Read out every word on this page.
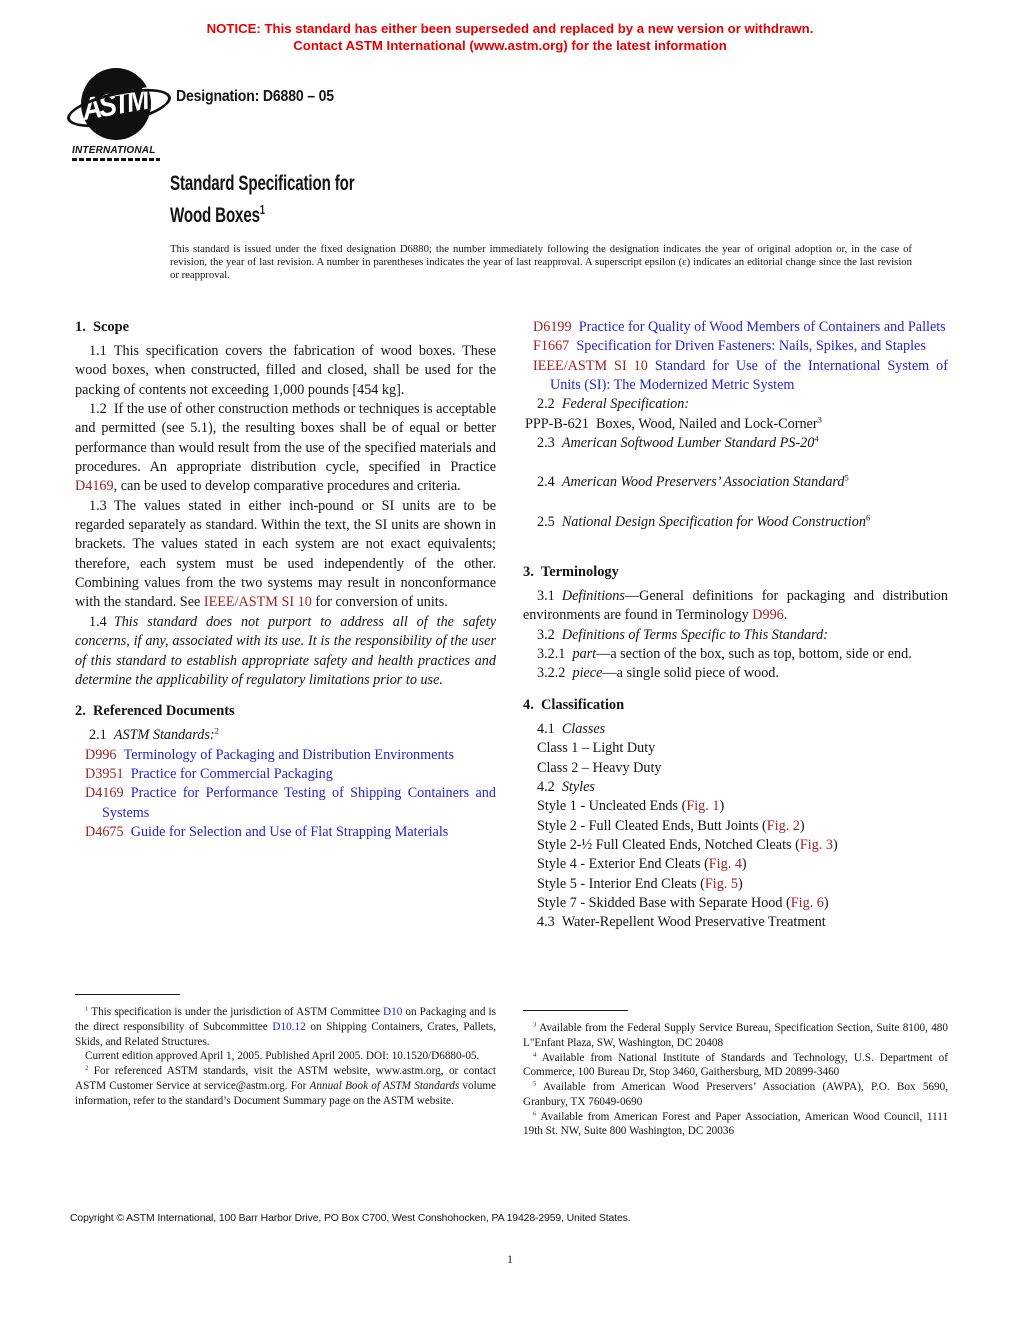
NOTICE: This standard has either been superseded and replaced by a new version or withdrawn.
Contact ASTM International (www.astm.org) for the latest information
ASTM
INTERNATIONAL
Designation: D6880 – 05
Standard Specification for
Wood Boxes$^1$
This standard is issued under the fixed designation D6880; the number immediately following the designation indicates the year of original adoption or, in the case of revision, the year of last revision. A number in parentheses indicates the year of last reapproval. A superscript epsilon (ε) indicates an editorial change since the last revision or reapproval.
1. Scope

1.1 This specification covers the fabrication of wood boxes. These wood boxes, when constructed, filled and closed, shall be used for the packing of contents not exceeding 1,000 pounds [454 kg].

1.2 If the use of other construction methods or techniques is acceptable and permitted (see 5.1), the resulting boxes shall be of equal or better performance than would result from the use of the specified materials and procedures. An appropriate distribution cycle, specified in Practice D4169, can be used to develop comparative procedures and criteria.

1.3 The values stated in either inch-pound or SI units are to be regarded separately as standard. Within the text, the SI units are shown in brackets. The values stated in each system are not exact equivalents; therefore, each system must be used independently of the other. Combining values from the two systems may result in nonconformance with the standard. See IEEE/ASTM SI 10 for conversion of units.

1.4 This standard does not purport to address all of the safety concerns, if any, associated with its use. It is the responsibility of the user of this standard to establish appropriate safety and health practices and determine the applicability of regulatory limitations prior to use.

2. Referenced Documents

2.1 ASTM Standards:$^2$

D996 Terminology of Packaging and Distribution Environments

D3951 Practice for Commercial Packaging

D4169 Practice for Performance Testing of Shipping Containers and Systems

D4675 Guide for Selection and Use of Flat Strapping Materials

D6199 Practice for Quality of Wood Members of Containers and Pallets

F1667 Specification for Driven Fasteners: Nails, Spikes, and Staples

IEEE/ASTM SI 10 Standard for Use of the International System of Units (SI): The Modernized Metric System

2.2 Federal Specification:

PPP-B-621 Boxes, Wood, Nailed and Lock-Corner$^3$

2.3 American Softwood Lumber Standard $PS-20^4$

2.4 American Wood Preservers’ Association Standard$^5$

2.5 National Design Specification for Wood Construction$^6$

3. Terminology

3.1 Definitions—General definitions for packaging and distribution environments are found in Terminology D996.

3.2 Definitions of Terms Specific to This Standard:

3.2.1 part—a section of the box, such as top, bottom, side or end.

3.2.2 piece—a single solid piece of wood.

4. Classification

4.1 Classes

Class 1 – Light Duty

Class 2 – Heavy Duty

4.2 Styles

Style 1 - Uncleated Ends (Fig. 1)

Style 2 - Full Cleated Ends, Butt Joints (Fig. 2)

Style 2-½ Full Cleated Ends, Notched Cleats (Fig. 3)

Style 4 - Exterior End Cleats (Fig. 4)

Style 5 - Interior End Cleats (Fig. 5)

Style 7 - Skidded Base with Separate Hood (Fig. 6)

4.3 Water-Repellent Wood Preservative Treatment

$^1$ This specification is under the jurisdiction of ASTM Committee D10 on Packaging and is the direct responsibility of Subcommittee D10.12 on Shipping Containers, Crates, Pallets, Skids, and Related Structures.

Current edition approved April 1, 2005. Published April 2005. DOI: 10.1520/D6880-05.

$^2$ For referenced ASTM standards, visit the ASTM website, www.astm.org, or contact ASTM Customer Service at service@astm.org. For Annual Book of ASTM Standards volume information, refer to the standard’s Document Summary page on the ASTM website.

$^3$ Available from the Federal Supply Service Bureau, Specification Section, Suite 8100, 480 L"Enfant Plaza, SW, Washington, DC 20408

$^4$ Available from National Institute of Standards and Technology, U.S. Department of Commerce, 100 Bureau Dr, Stop 3460, Gaithersburg, MD 20899-3460

$^5$ Available from American Wood Preservers’ Association (AWPA), P.O. Box 5690, Granbury, TX 76049-0690

$^6$ Available from American Forest and Paper Association, American Wood Council, 1111 19th St. NW, Suite 800 Washington, DC 20036

Copyright © ASTM International, 100 Barr Harbor Drive, PO Box C700, West Conshohocken, PA 19428-2959, United States.
1
